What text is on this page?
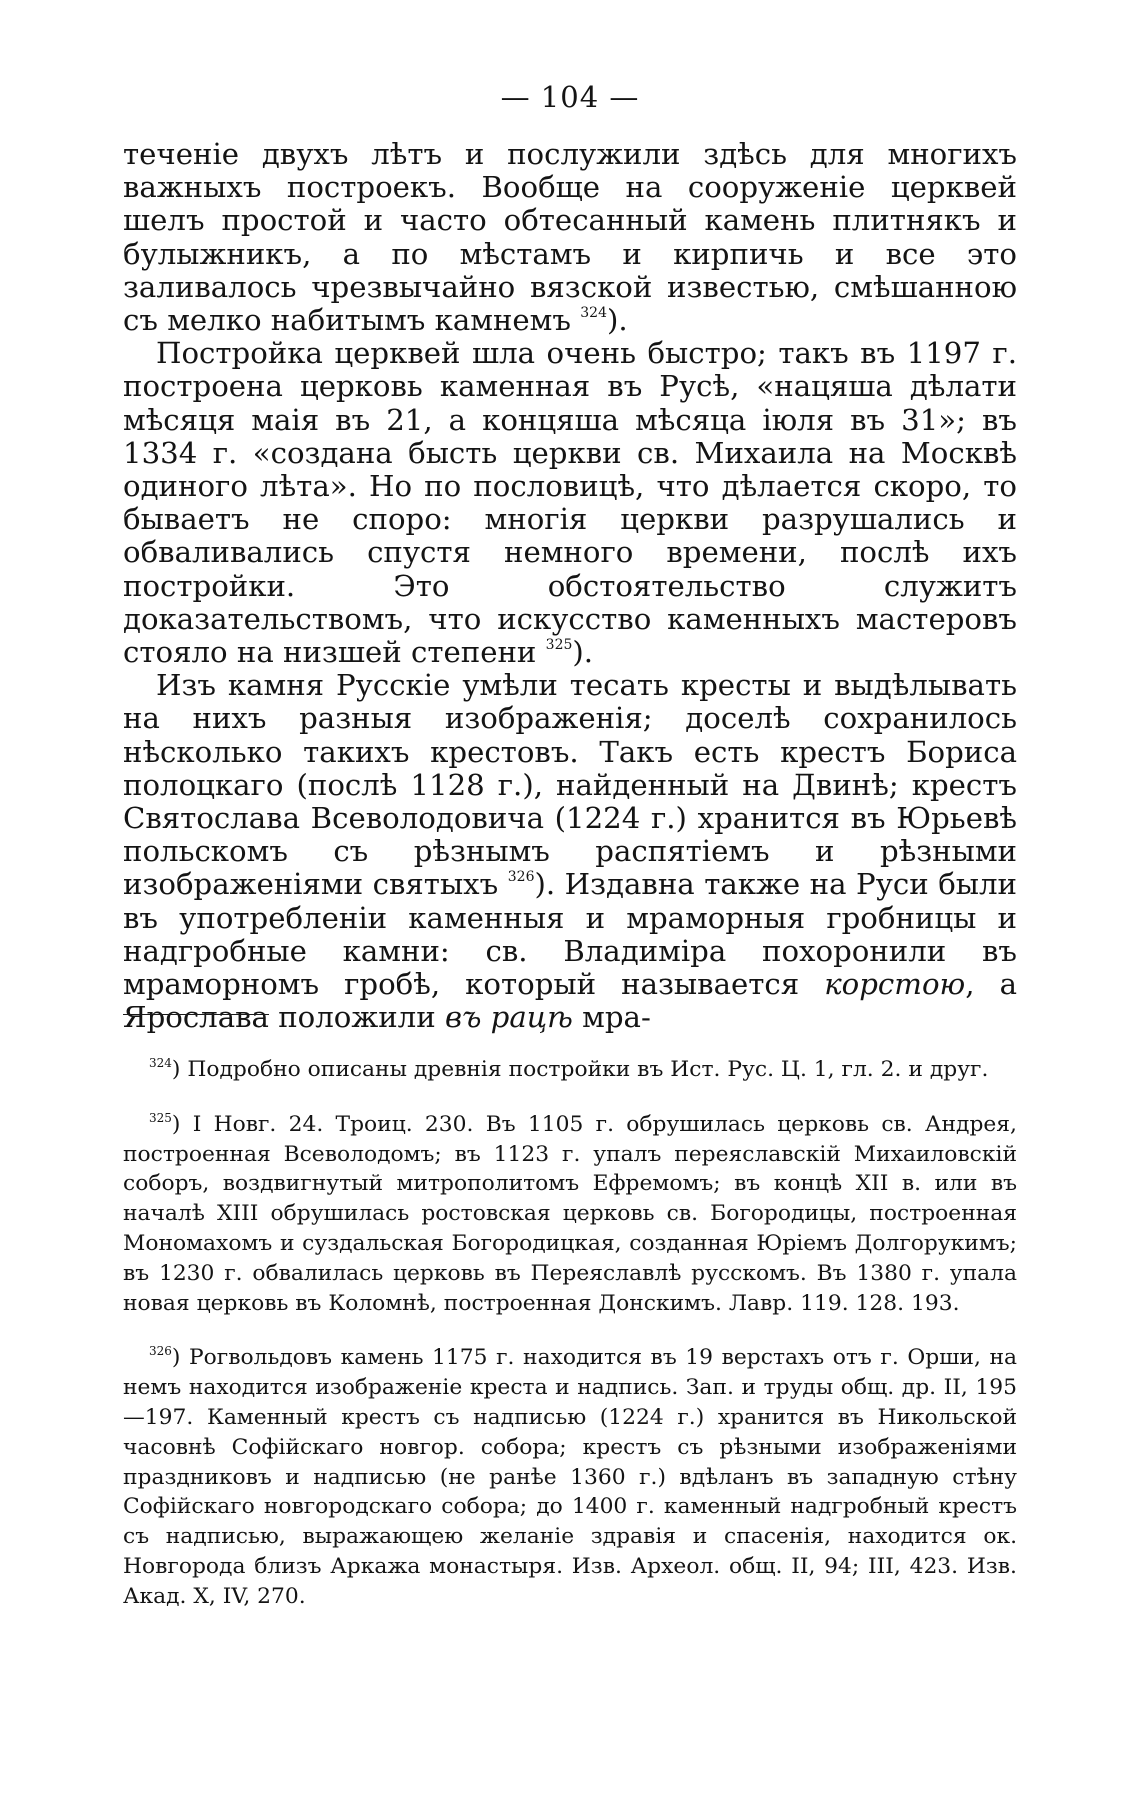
— 104 —

теченіе двухъ лѣтъ и послужили здѣсь для многихъ важныхъ построекъ. Вообще на сооруженіе церквей шелъ простой и часто обтесанный камень плитнякъ и булыжникъ, а по мѣстамъ и кирпичь и все это заливалось чрезвычайно вязской известью, смѣшанною съ мелко набитымъ камнемъ $^{324}$).

Постройка церквей шла очень быстро; такъ въ 1197 г. построена церковь каменная въ Русѣ, «нацяша дѣлати мѣсяця маія въ 21, а концяша мѣсяца іюля въ 31»; въ 1334 г. «создана бысть церкви св. Михаила на Москвѣ одиного лѣта». Но по пословицѣ, что дѣлается скоро, то бываетъ не споро: многія церкви разрушались и обваливались спустя немного времени, послѣ ихъ постройки. Это обстоятельство служитъ доказательствомъ, что искусство каменныхъ мастеровъ стояло на низшей степени $^{325}$).

Изъ камня Русскіе умѣли тесать кресты и выдѣлывать на нихъ разныя изображенія; доселѣ сохранилось нѣсколько такихъ крестовъ. Такъ есть крестъ Бориса полоцкаго (послѣ 1128 г.), найденный на Двинѣ; крестъ Святослава Всеволодовича (1224 г.) хранится въ Юрьевѣ польскомъ съ рѣзнымъ распятіемъ и рѣзными изображеніями святыхъ $^{326}$). Издавна также на Руси были въ употребленіи каменныя и мраморныя гробницы и надгробные камни: св. Владиміра похоронили въ мраморномъ гробѣ, который называется корстою, а Ярослава положили въ рацѣ мра-

$^{324}$) Подробно описаны древнія постройки въ Ист. Рус. Ц. 1, гл. 2. и друг.

$^{325}$) I Новг. 24. Троиц. 230. Въ 1105 г. обрушилась церковь св. Андрея, построенная Всеволодомъ; въ 1123 г. упалъ переяславскій Михаиловскій соборъ, воздвигнутый митрополитомъ Ефремомъ; въ концѣ XII в. или въ началѣ XIII обрушилась ростовская церковь св. Богородицы, построенная Мономахомъ и суздальская Богородицкая, созданная Юріемъ Долгорукимъ; въ 1230 г. обвалилась церковь въ Переяславлѣ русскомъ. Въ 1380 г. упала новая церковь въ Коломнѣ, построенная Донскимъ. Лавр. 119. 128. 193.

$^{326}$) Рогвольдовъ камень 1175 г. находится въ 19 верстахъ отъ г. Орши, на немъ находится изображеніе креста и надпись. Зап. и труды общ. др. II, 195—197. Каменный крестъ съ надписью (1224 г.) хранится въ Никольской часовнѣ Софійскаго новгор. собора; крестъ съ рѣзными изображеніями праздниковъ и надписью (не ранѣе 1360 г.) вдѣланъ въ западную стѣну Софійскаго новгородскаго собора; до 1400 г. каменный надгробный крестъ съ надписью, выражающею желаніе здравія и спасенія, находится ок. Новгорода близъ Аркажа монастыря. Изв. Археол. общ. II, 94; III, 423. Изв. Акад. X, IV, 270.
